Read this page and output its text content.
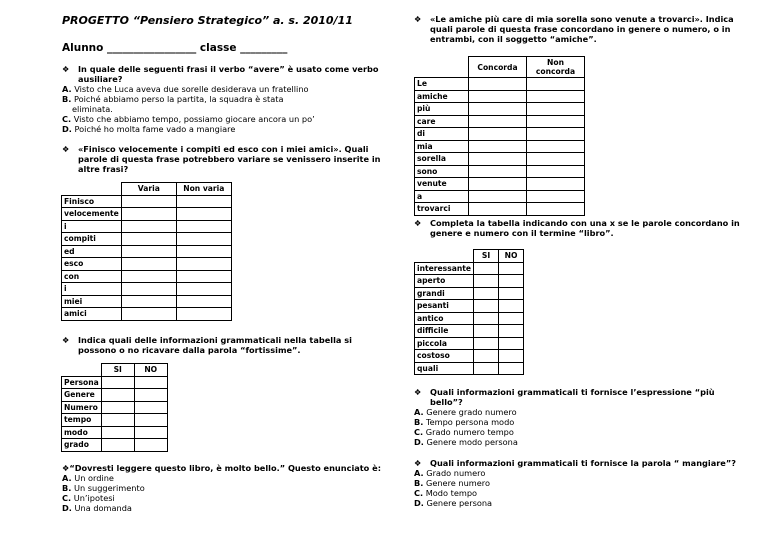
PROGETTO “Pensiero Strategico” a. s. 2010/11
Alunno _________________ classe _________
❖	In quale delle seguenti frasi il verbo “avere” è usato come verbo ausiliare?
A. Visto che Luca aveva due sorelle desiderava un fratellino
B. Poiché abbiamo perso la partita, la squadra è stata
eliminata.
C. Visto che abbiamo tempo, possiamo giocare ancora un po’
D. Poiché ho molta fame vado a mangiare
❖	«Finisco velocemente i compiti ed esco con i miei amici». Quali parole di questa frase potrebbero variare se venissero inserite in altre frasi?
	Varia	Non varia
Finisco		
velocemente		
i		
compiti		
ed		
esco		
con		
i		
miei		
amici		
❖	Indica quali delle informazioni grammaticali nella tabella si possono o no ricavare dalla parola “fortissime”.
	SI	NO
Persona		
Genere		
Numero		
tempo		
modo		
grado		
❖ “Dovresti leggere questo libro, è molto bello.” Questo enunciato è:
A. Un ordine
B. Un suggerimento
C. Un’ipotesi
D. Una domanda
❖	«Le amiche più care di mia sorella sono venute a trovarci». Indica quali parole di questa frase concordano in genere o numero, o in entrambi, con il soggetto “amiche”.
	Concorda	Non concorda
Le		
amiche		
più		
care		
di		
mia		
sorella		
sono		
venute		
a		
trovarci		
❖	Completa la tabella indicando con una x se le parole concordano in genere e numero con il termine “libro”.
	SI	NO
interessante		
aperto		
grandi		
pesanti		
antico		
difficile		
piccola		
costoso		
quali		
❖	Quali informazioni grammaticali ti fornisce l’espressione “più bello”?
A. Genere grado numero
B. Tempo persona modo
C. Grado numero tempo
D. Genere modo persona
❖	Quali informazioni grammaticali ti fornisce la parola “ mangiare”?
A. Grado numero
B. Genere numero
C. Modo tempo
D. Genere persona
